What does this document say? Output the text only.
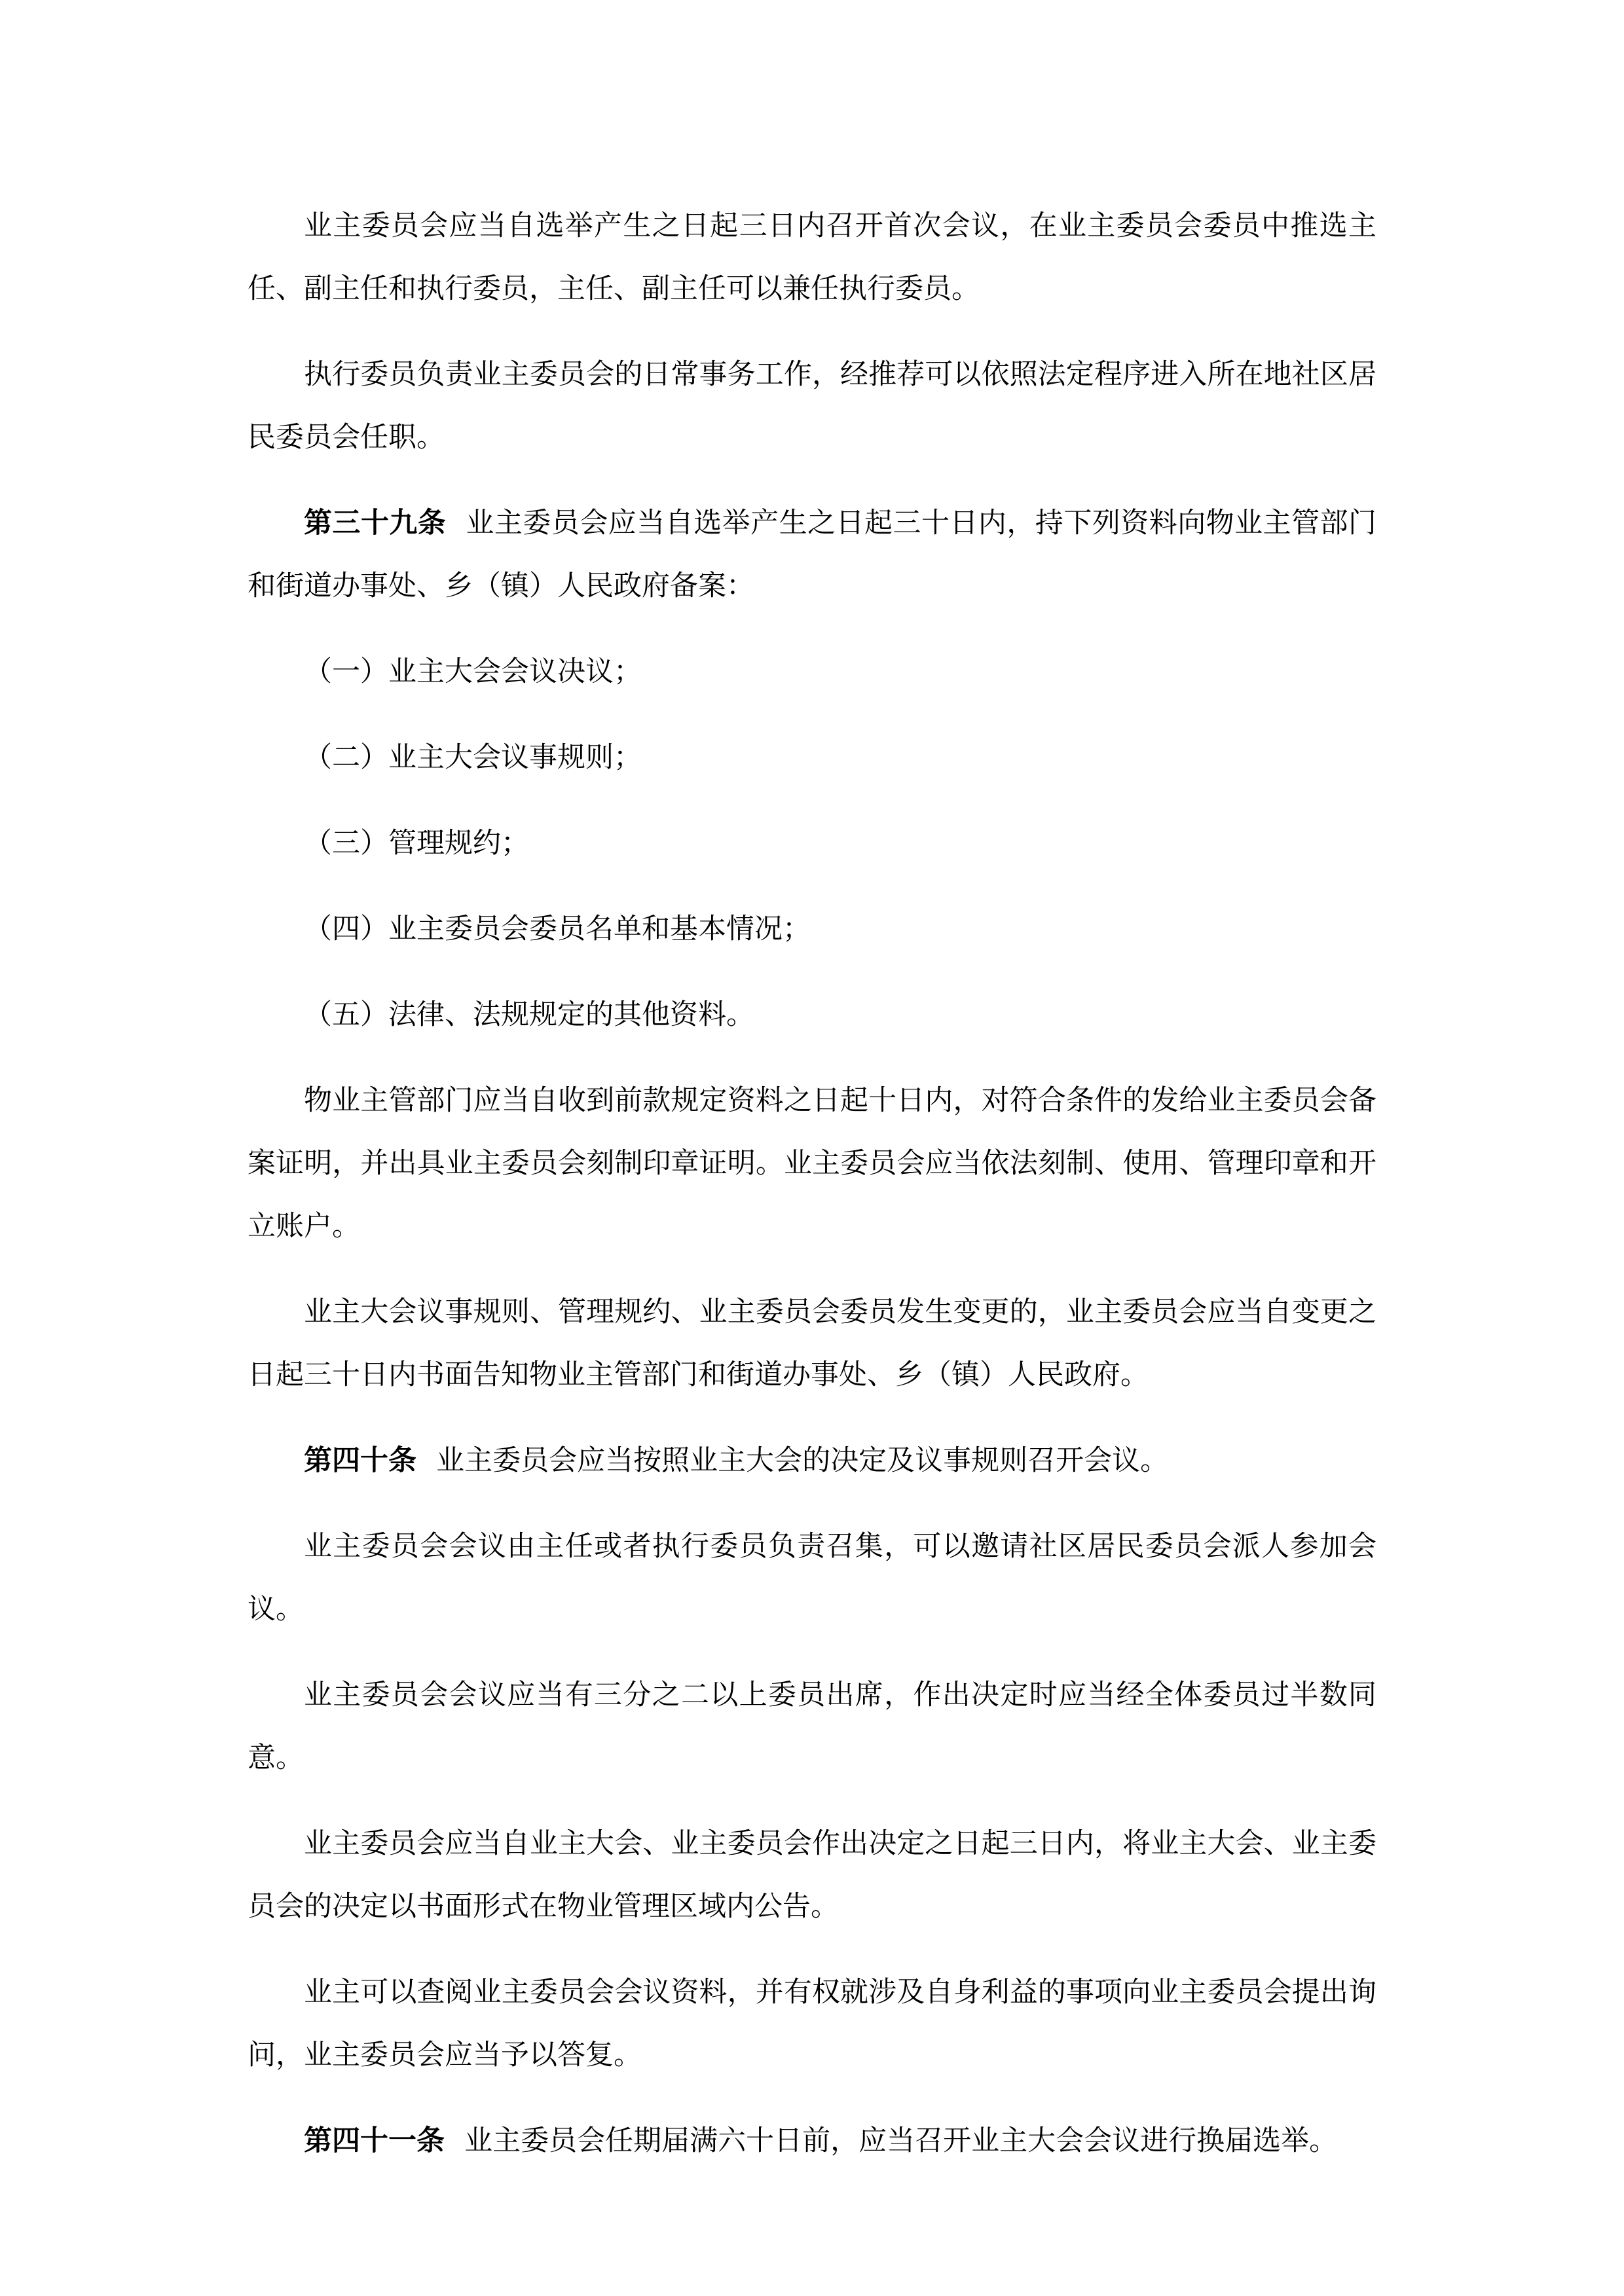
业主委员会应当自选举产生之日起三日内召开首次会议，在业主委员会委员中推选主任、副主任和执行委员，主任、副主任可以兼任执行委员。

执行委员负责业主委员会的日常事务工作，经推荐可以依照法定程序进入所在地社区居民委员会任职。

第三十九条 业主委员会应当自选举产生之日起三十日内，持下列资料向物业主管部门和街道办事处、乡（镇）人民政府备案：

（一）业主大会会议决议；

（二）业主大会议事规则；

（三）管理规约；

（四）业主委员会委员名单和基本情况；

（五）法律、法规规定的其他资料。

物业主管部门应当自收到前款规定资料之日起十日内，对符合条件的发给业主委员会备案证明，并出具业主委员会刻制印章证明。业主委员会应当依法刻制、使用、管理印章和开立账户。

业主大会议事规则、管理规约、业主委员会委员发生变更的，业主委员会应当自变更之日起三十日内书面告知物业主管部门和街道办事处、乡（镇）人民政府。

第四十条 业主委员会应当按照业主大会的决定及议事规则召开会议。

业主委员会会议由主任或者执行委员负责召集，可以邀请社区居民委员会派人参加会议。

业主委员会会议应当有三分之二以上委员出席，作出决定时应当经全体委员过半数同意。

业主委员会应当自业主大会、业主委员会作出决定之日起三日内，将业主大会、业主委员会的决定以书面形式在物业管理区域内公告。

业主可以查阅业主委员会会议资料，并有权就涉及自身利益的事项向业主委员会提出询问，业主委员会应当予以答复。

第四十一条 业主委员会任期届满六十日前，应当召开业主大会会议进行换届选举。
